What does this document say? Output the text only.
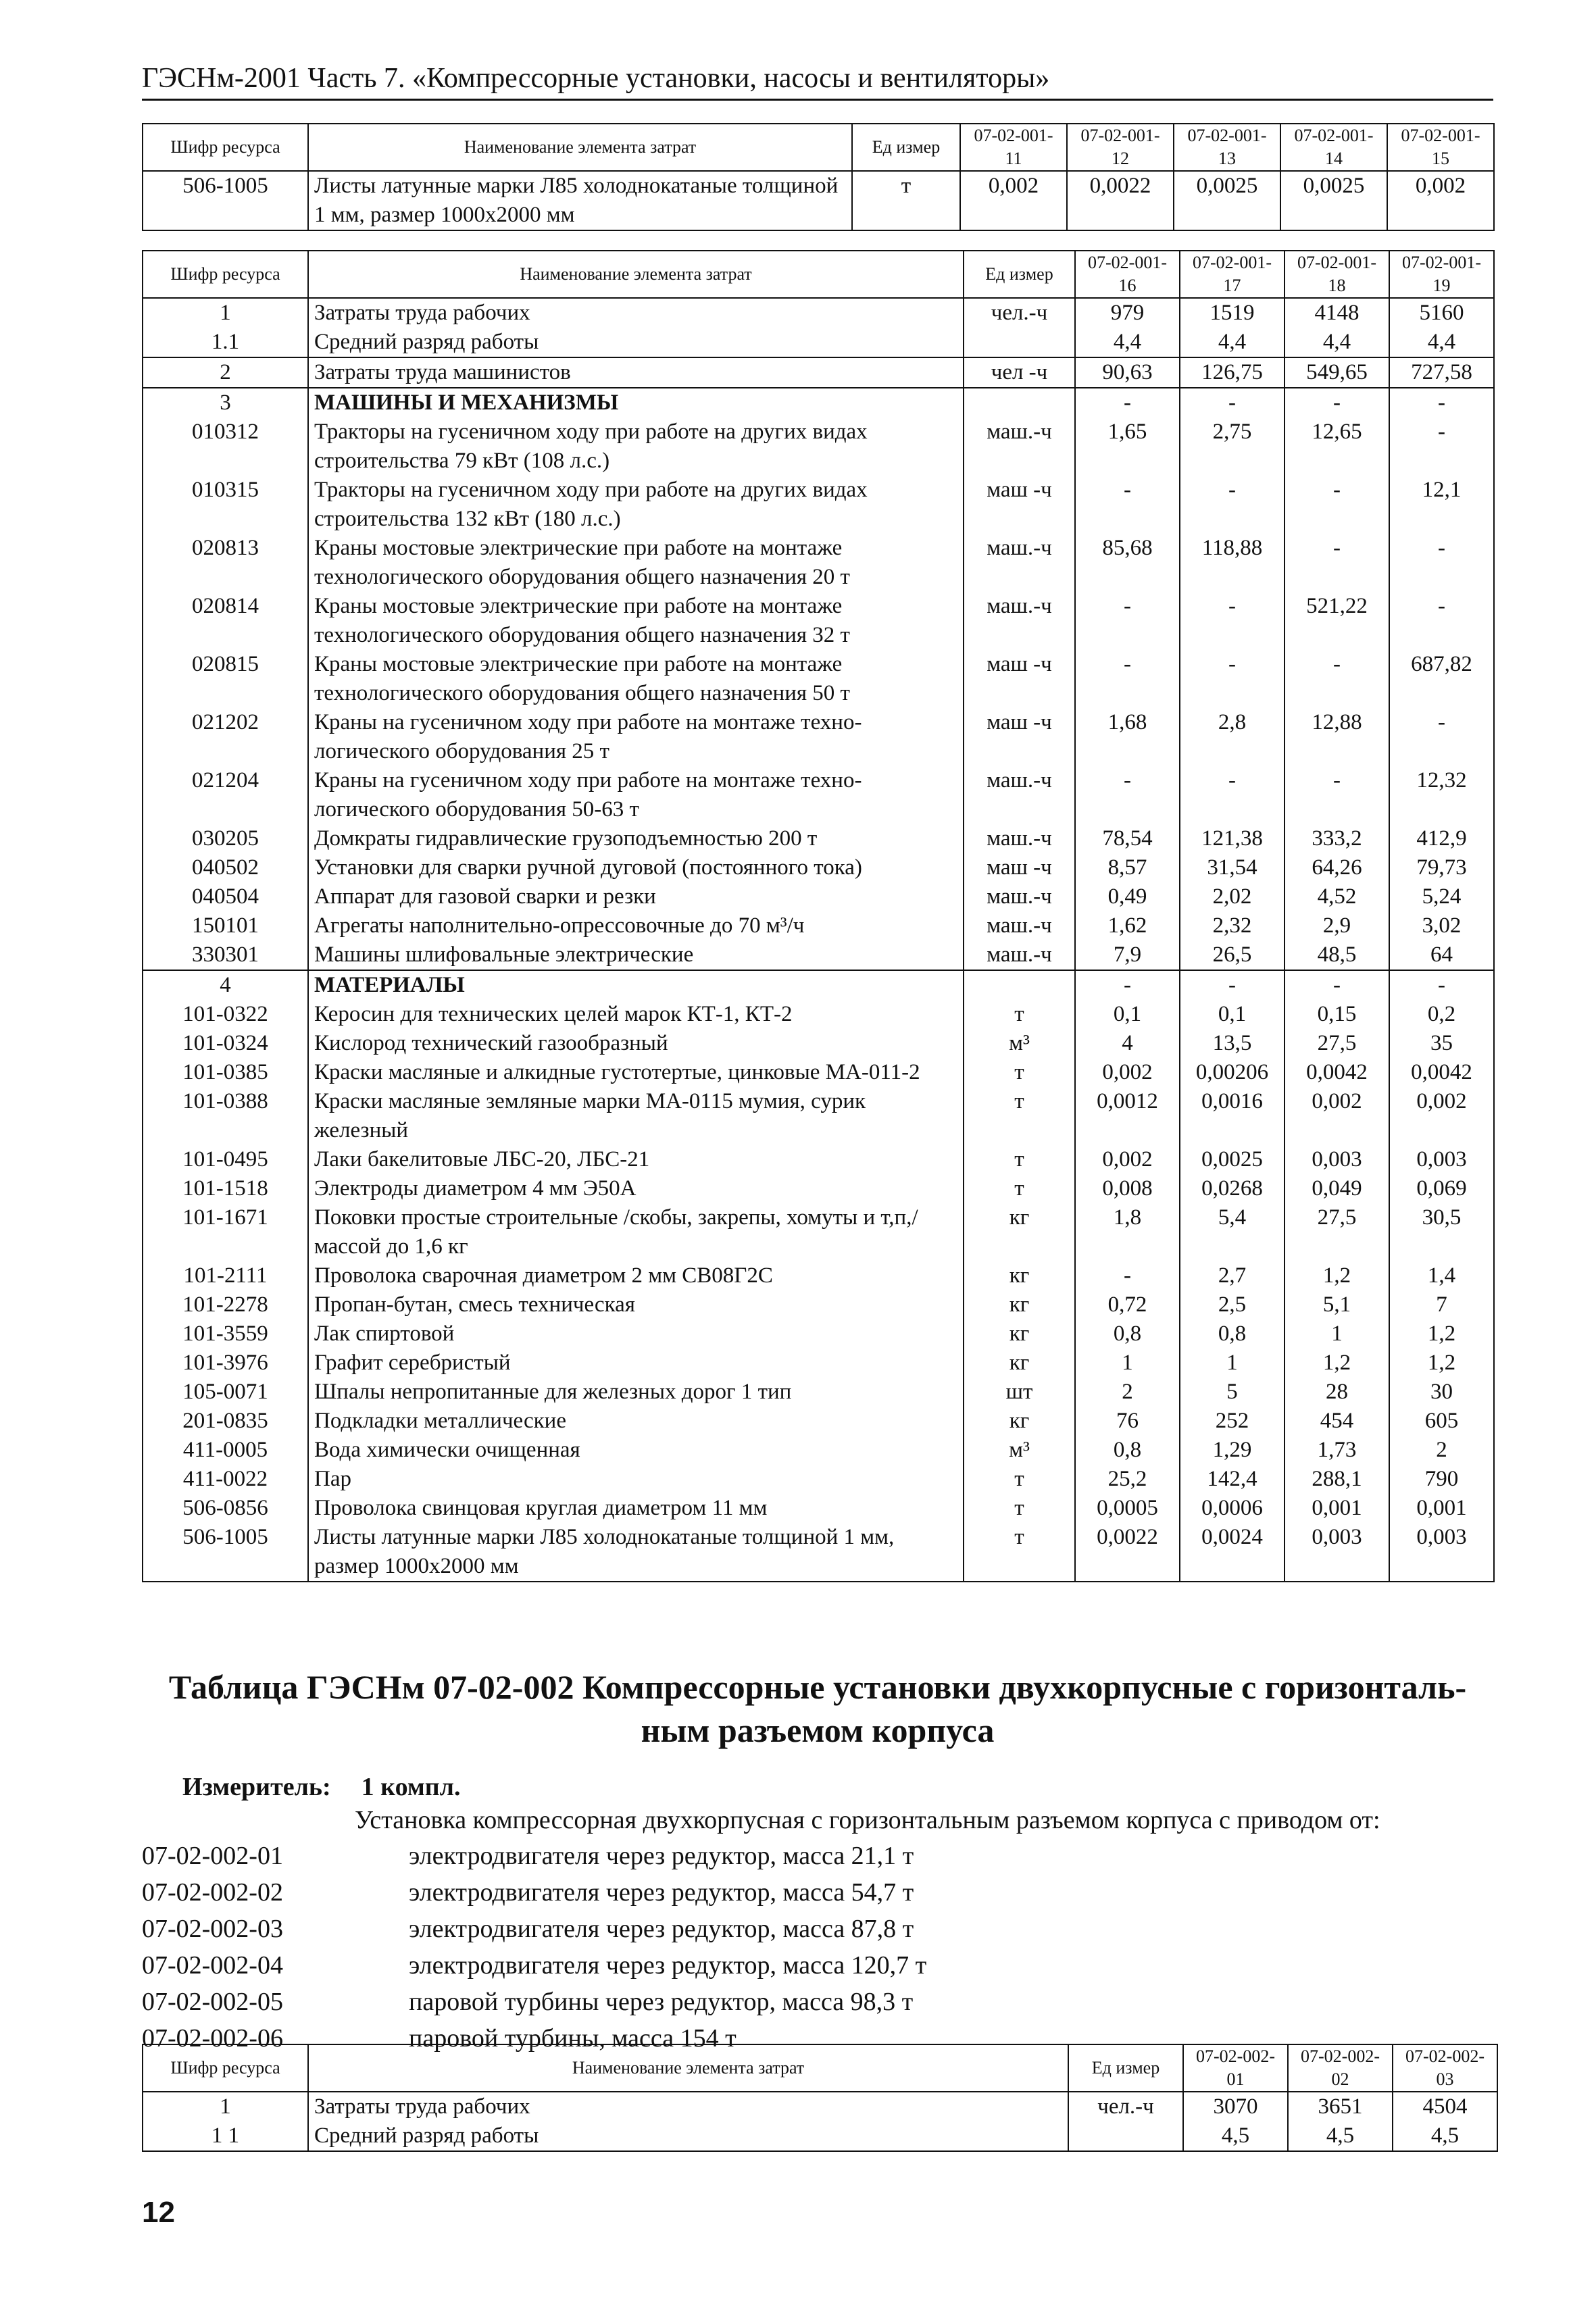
ГЭСНм-2001 Часть 7. «Компрессорные установки, насосы и вентиляторы»
Шифр ресурса	Наименование элемента затрат	Ед измер	07-02-001-11	07-02-001-12	07-02-001-13	07-02-001-14	07-02-001-15
506-1005	Листы латунные марки Л85 холоднокатаные толщиной 1 мм, размер 1000x2000 мм	т	0,002	0,0022	0,0025	0,0025	0,002
Шифр ресурса	Наименование элемента затрат	Ед измер	07-02-001-16	07-02-001-17	07-02-001-18	07-02-001-19
1	Затраты труда рабочих	чел.-ч	979	1519	4148	5160
1.1	Средний разряд работы		4,4	4,4	4,4	4,4
2	Затраты труда машинистов	чел -ч	90,63	126,75	549,65	727,58
3	МАШИНЫ И МЕХАНИЗМЫ		-	-	-	-
010312	Тракторы на гусеничном ходу при работе на других видах строительства 79 кВт (108 л.с.)	маш.-ч	1,65	2,75	12,65	-
010315	Тракторы на гусеничном ходу при работе на других видах строительства 132 кВт (180 л.с.)	маш -ч	-	-	-	12,1
020813	Краны мостовые электрические при работе на монтаже технологического оборудования общего назначения 20 т	маш.-ч	85,68	118,88	-	-
020814	Краны мостовые электрические при работе на монтаже технологического оборудования общего назначения 32 т	маш.-ч	-	-	521,22	-
020815	Краны мостовые электрические при работе на монтаже технологического оборудования общего назначения 50 т	маш -ч	-	-	-	687,82
021202	Краны на гусеничном ходу при работе на монтаже техно-логического оборудования 25 т	маш -ч	1,68	2,8	12,88	-
021204	Краны на гусеничном ходу при работе на монтаже техно-логического оборудования 50-63 т	маш.-ч	-	-	-	12,32
030205	Домкраты гидравлические грузоподъемностью 200 т	маш.-ч	78,54	121,38	333,2	412,9
040502	Установки для сварки ручной дуговой (постоянного тока)	маш -ч	8,57	31,54	64,26	79,73
040504	Аппарат для газовой сварки и резки	маш.-ч	0,49	2,02	4,52	5,24
150101	Агрегаты наполнительно-опрессовочные до 70 м³/ч	маш.-ч	1,62	2,32	2,9	3,02
330301	Машины шлифовальные электрические	маш.-ч	7,9	26,5	48,5	64
4	МАТЕРИАЛЫ		-	-	-	-
101-0322	Керосин для технических целей марок КТ-1, КТ-2	т	0,1	0,1	0,15	0,2
101-0324	Кислород технический газообразный	м³	4	13,5	27,5	35
101-0385	Краски масляные и алкидные густотертые, цинковые МА-011-2	т	0,002	0,00206	0,0042	0,0042
101-0388	Краски масляные земляные марки МА-0115 мумия, сурик железный	т	0,0012	0,0016	0,002	0,002
101-0495	Лаки бакелитовые ЛБС-20, ЛБС-21	т	0,002	0,0025	0,003	0,003
101-1518	Электроды диаметром 4 мм Э50А	т	0,008	0,0268	0,049	0,069
101-1671	Поковки простые строительные /скобы, закрепы, хомуты и т,п,/ массой до 1,6 кг	кг	1,8	5,4	27,5	30,5
101-2111	Проволока сварочная диаметром 2 мм СВ08Г2С	кг	-	2,7	1,2	1,4
101-2278	Пропан-бутан, смесь техническая	кг	0,72	2,5	5,1	7
101-3559	Лак спиртовой	кг	0,8	0,8	1	1,2
101-3976	Графит серебристый	кг	1	1	1,2	1,2
105-0071	Шпалы непропитанные для железных дорог 1 тип	шт	2	5	28	30
201-0835	Подкладки металлические	кг	76	252	454	605
411-0005	Вода химически очищенная	м³	0,8	1,29	1,73	2
411-0022	Пар	т	25,2	142,4	288,1	790
506-0856	Проволока свинцовая круглая диаметром 11 мм	т	0,0005	0,0006	0,001	0,001
506-1005	Листы латунные марки Л85 холоднокатаные толщиной 1 мм, размер 1000x2000 мм	т	0,0022	0,0024	0,003	0,003
Таблица ГЭСНм 07-02-002 Компрессорные установки двухкорпусные с горизонталь-ным разъемом корпуса
Измеритель: 1 компл.
Установка компрессорная двухкорпусная с горизонтальным разъемом корпуса с приводом от:
07-02-002-01	электродвигателя через редуктор, масса 21,1 т
07-02-002-02	электродвигателя через редуктор, масса 54,7 т
07-02-002-03	электродвигателя через редуктор, масса 87,8 т
07-02-002-04	электродвигателя через редуктор, масса 120,7 т
07-02-002-05	паровой турбины через редуктор, масса 98,3 т
07-02-002-06	паровой турбины, масса 154 т
Шифр ресурса	Наименование элемента затрат	Ед измер	07-02-002-01	07-02-002-02	07-02-002-03
1	Затраты труда рабочих	чел.-ч	3070	3651	4504
1 1	Средний разряд работы		4,5	4,5	4,5
12
